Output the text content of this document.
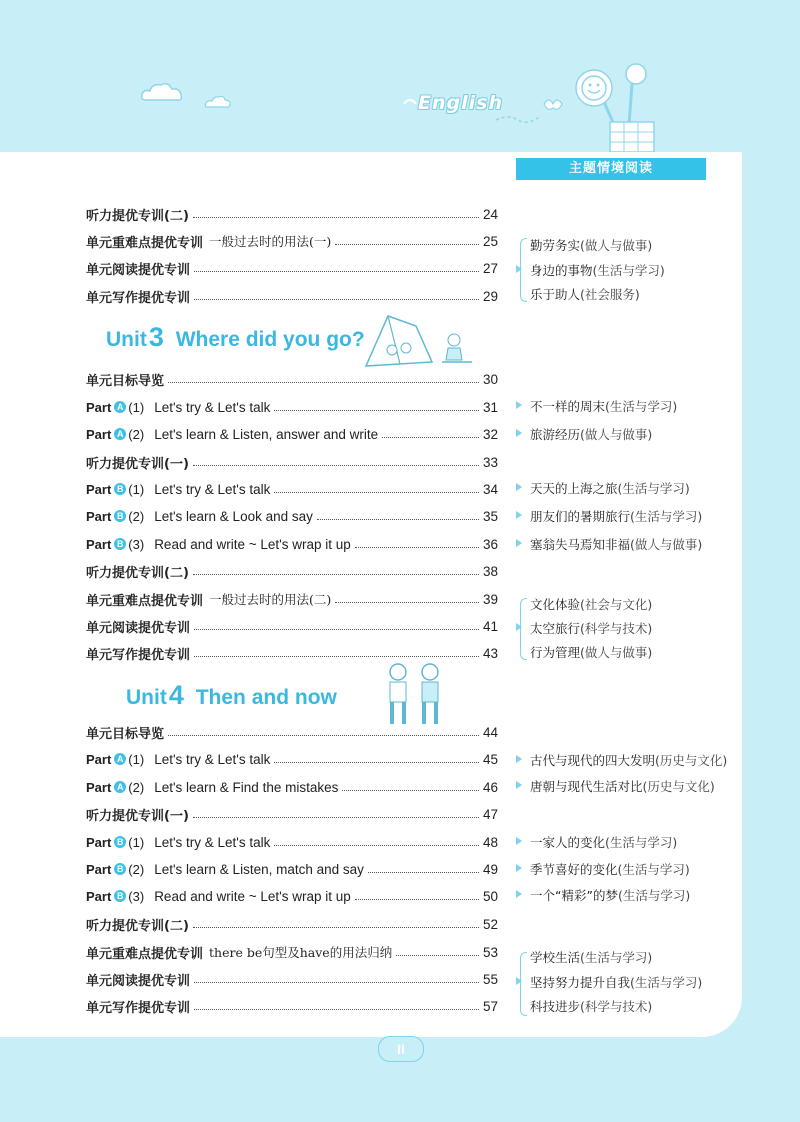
English
主题情境阅读
听力提优专训(二)	24
单元重难点提优专训 一般过去时的用法(一)	25
单元阅读提优专训	27
单元写作提优专训	29
Unit3 Where did you go?
单元目标导览	30
Part A (1) Let's try & Let's talk	31
Part A (2) Let's learn & Listen, answer and write	32
听力提优专训(一)	33
Part B (1) Let's try & Let's talk	34
Part B (2) Let's learn & Look and say	35
Part B (3) Read and write ~ Let's wrap it up	36
听力提优专训(二)	38
单元重难点提优专训 一般过去时的用法(二)	39
单元阅读提优专训	41
单元写作提优专训	43
Unit4 Then and now
单元目标导览	44
Part A (1) Let's try & Let's talk	45
Part A (2) Let's learn & Find the mistakes	46
听力提优专训(一)	47
Part B (1) Let's try & Let's talk	48
Part B (2) Let's learn & Listen, match and say	49
Part B (3) Read and write ~ Let's wrap it up	50
听力提优专训(二)	52
单元重难点提优专训 there be句型及have的用法归纳	53
单元阅读提优专训	55
单元写作提优专训	57
勤劳务实(做人与做事)
身边的事物(生活与学习)
乐于助人(社会服务)
不一样的周末(生活与学习)
旅游经历(做人与做事)
天天的上海之旅(生活与学习)
朋友们的暑期旅行(生活与学习)
塞翁失马焉知非福(做人与做事)
文化体验(社会与文化)
太空旅行(科学与技术)
行为管理(做人与做事)
古代与现代的四大发明(历史与文化)
唐朝与现代生活对比(历史与文化)
一家人的变化(生活与学习)
季节喜好的变化(生活与学习)
一个“精彩”的梦(生活与学习)
学校生活(生活与学习)
坚持努力提升自我(生活与学习)
科技进步(科学与技术)
II
